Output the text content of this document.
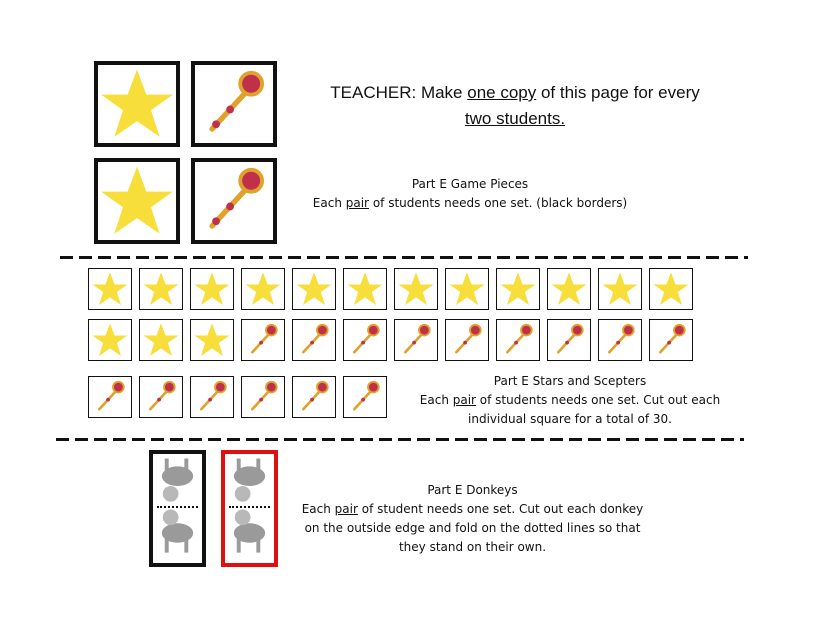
TEACHER: Make one copy of this page for every
two students.
Part E Game Pieces
Each pair of students needs one set. (black borders)
Part E Stars and Scepters
Each pair of students needs one set. Cut out each
individual square for a total of 30.
Part E Donkeys
Each pair of student needs one set. Cut out each donkey
on the outside edge and fold on the dotted lines so that
they stand on their own.
